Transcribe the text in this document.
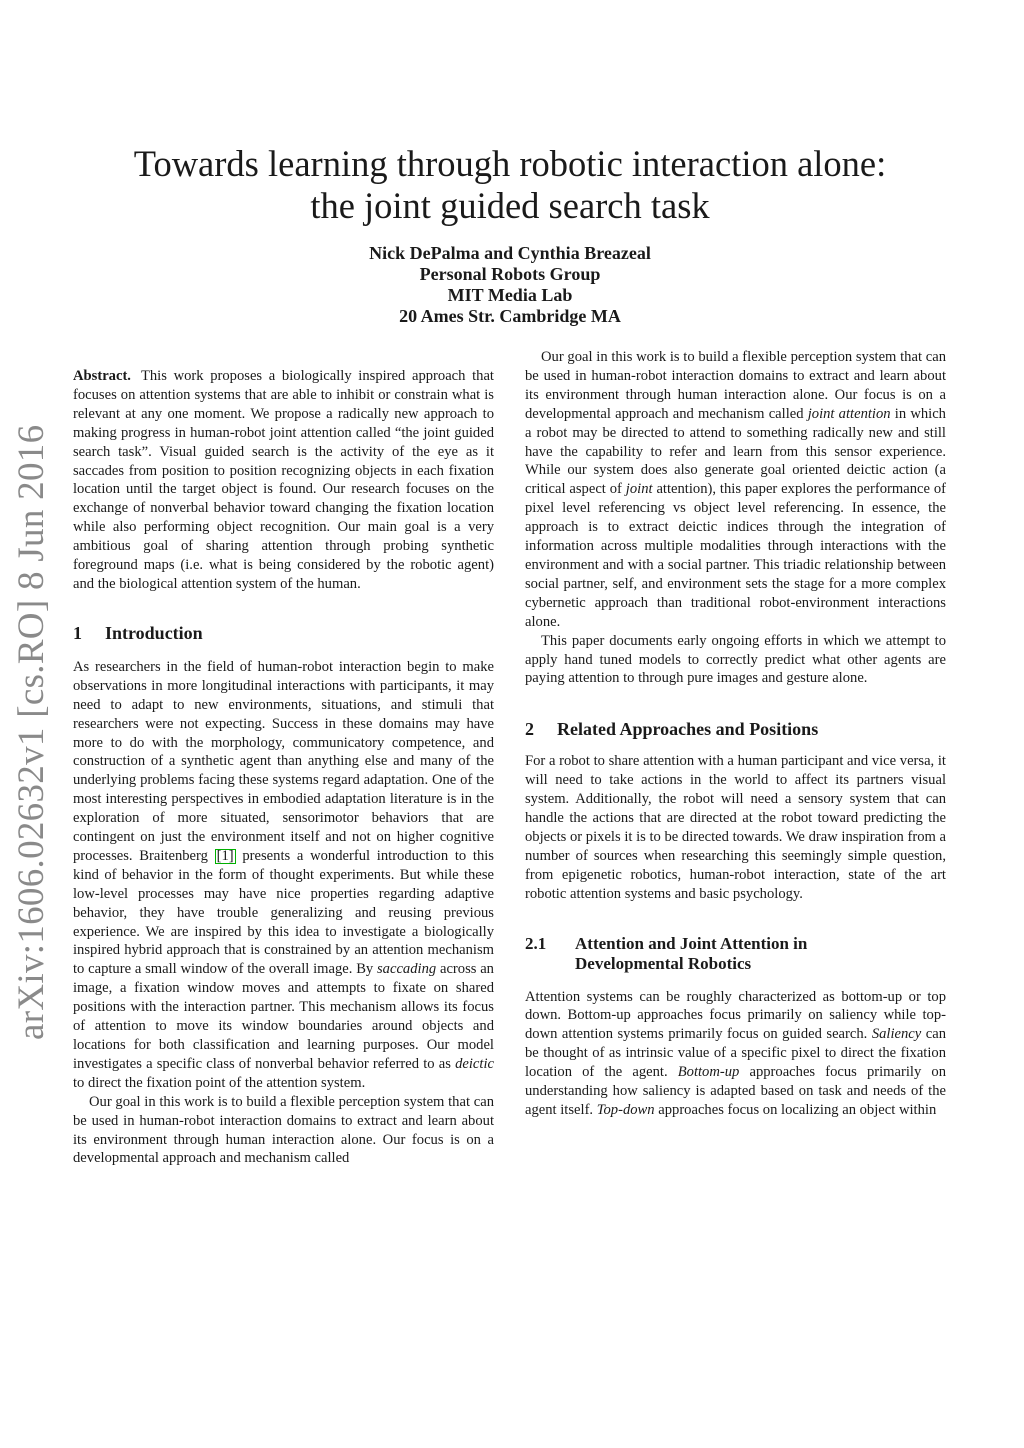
arXiv:1606.02632v1 [cs.RO] 8 Jun 2016
Towards learning through robotic interaction alone:
the joint guided search task
Nick DePalma and Cynthia Breazeal
Personal Robots Group
MIT Media Lab
20 Ames Str. Cambridge MA

Abstract. This work proposes a biologically inspired approach that focuses on attention systems that are able to inhibit or constrain what is relevant at any one moment. We propose a radically new approach to making progress in human-robot joint attention called “the joint guided search task”. Visual guided search is the activity of the eye as it saccades from position to position recognizing objects in each fixation location until the target object is found. Our research focuses on the exchange of nonverbal behavior toward changing the fixation location while also performing object recognition. Our main goal is a very ambitious goal of sharing attention through probing synthetic foreground maps (i.e. what is being considered by the robotic agent) and the biological attention system of the human.

1 Introduction

As researchers in the field of human-robot interaction begin to make observations in more longitudinal interactions with participants, it may need to adapt to new environments, situations, and stimuli that researchers were not expecting. Success in these domains may have more to do with the morphology, communicatory competence, and construction of a synthetic agent than anything else and many of the underlying problems facing these systems regard adaptation. One of the most interesting perspectives in embodied adaptation literature is in the exploration of more situated, sensorimotor behaviors that are contingent on just the environment itself and not on higher cognitive processes. Braitenberg [1] presents a wonderful introduction to this kind of behavior in the form of thought experiments. But while these low-level processes may have nice properties regarding adaptive behavior, they have trouble generalizing and reusing previous experience. We are inspired by this idea to investigate a biologically inspired hybrid approach that is constrained by an attention mechanism to capture a small window of the overall image. By saccading across an image, a fixation window moves and attempts to fixate on shared positions with the interaction partner. This mechanism allows its focus of attention to move its window boundaries around objects and locations for both classification and learning purposes. Our model investigates a specific class of nonverbal behavior referred to as deictic to direct the fixation point of the attention system.

Our goal in this work is to build a flexible perception system that can be used in human-robot interaction domains to extract and learn about its environment through human interaction alone. Our focus is on a developmental approach and mechanism called

Our goal in this work is to build a flexible perception system that can be used in human-robot interaction domains to extract and learn about its environment through human interaction alone. Our focus is on a developmental approach and mechanism called joint attention in which a robot may be directed to attend to something radically new and still have the capability to refer and learn from this sensor experience. While our system does also generate goal oriented deictic action (a critical aspect of joint attention), this paper explores the performance of pixel level referencing vs object level referencing. In essence, the approach is to extract deictic indices through the integration of information across multiple modalities through interactions with the environment and with a social partner. This triadic relationship between social partner, self, and environment sets the stage for a more complex cybernetic approach than traditional robot-environment interactions alone.

This paper documents early ongoing efforts in which we attempt to apply hand tuned models to correctly predict what other agents are paying attention to through pure images and gesture alone.

2 Related Approaches and Positions

For a robot to share attention with a human participant and vice versa, it will need to take actions in the world to affect its partners visual system. Additionally, the robot will need a sensory system that can handle the actions that are directed at the robot toward predicting the objects or pixels it is to be directed towards. We draw inspiration from a number of sources when researching this seemingly simple question, from epigenetic robotics, human-robot interaction, state of the art robotic attention systems and basic psychology.

2.1 Attention and Joint Attention in
Developmental Robotics

Attention systems can be roughly characterized as bottom-up or top down. Bottom-up approaches focus primarily on saliency while top-down attention systems primarily focus on guided search. Saliency can be thought of as intrinsic value of a specific pixel to direct the fixation location of the agent. Bottom-up approaches focus primarily on understanding how saliency is adapted based on task and needs of the agent itself. Top-down approaches focus on localizing an object within
